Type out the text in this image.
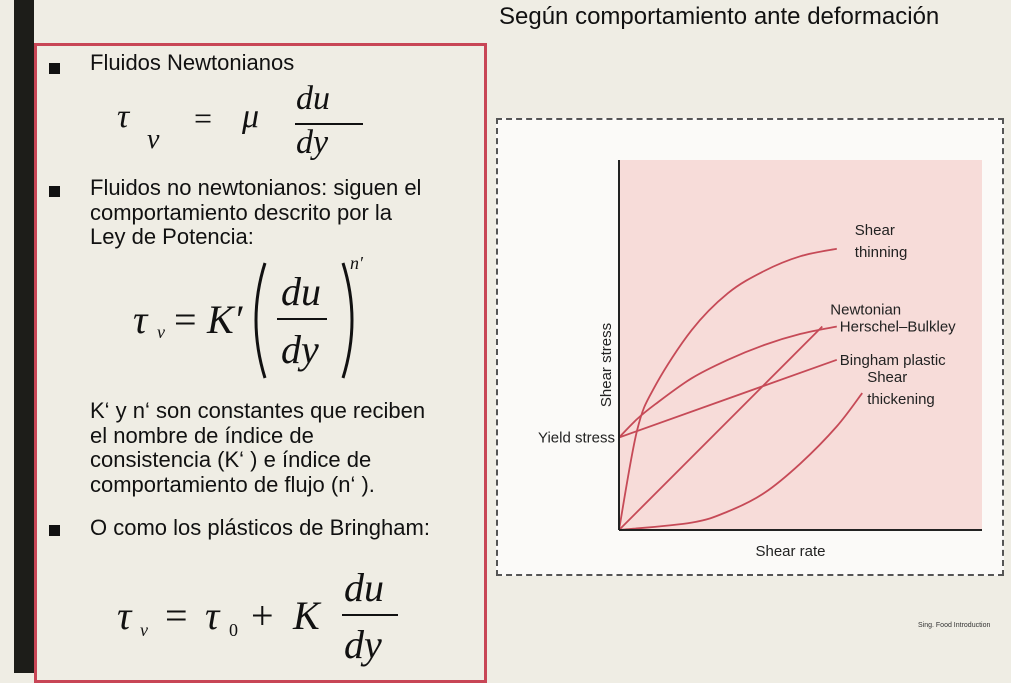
Según comportamiento ante deformación
Fluidos Newtonianos
τ
v
= μ du
dy
Fluidos no newtonianos: siguen el
comportamiento descrito por la
Ley de Potencia:
τ v = K′
du
dy
n′
K‘ y n‘ son constantes que reciben
el nombre de índice de
consistencia (K‘ ) e índice de
comportamiento de flujo (n‘ ).
O como los plásticos de Bringham:
τ v = τ 0 + K
du
dy
Herschel–Bulkley
Bingham plastic
Shear thinning
Newtonian
Shear thickening
Yield stress
Shear rate
Shear stress
Sing. Food Introduction
